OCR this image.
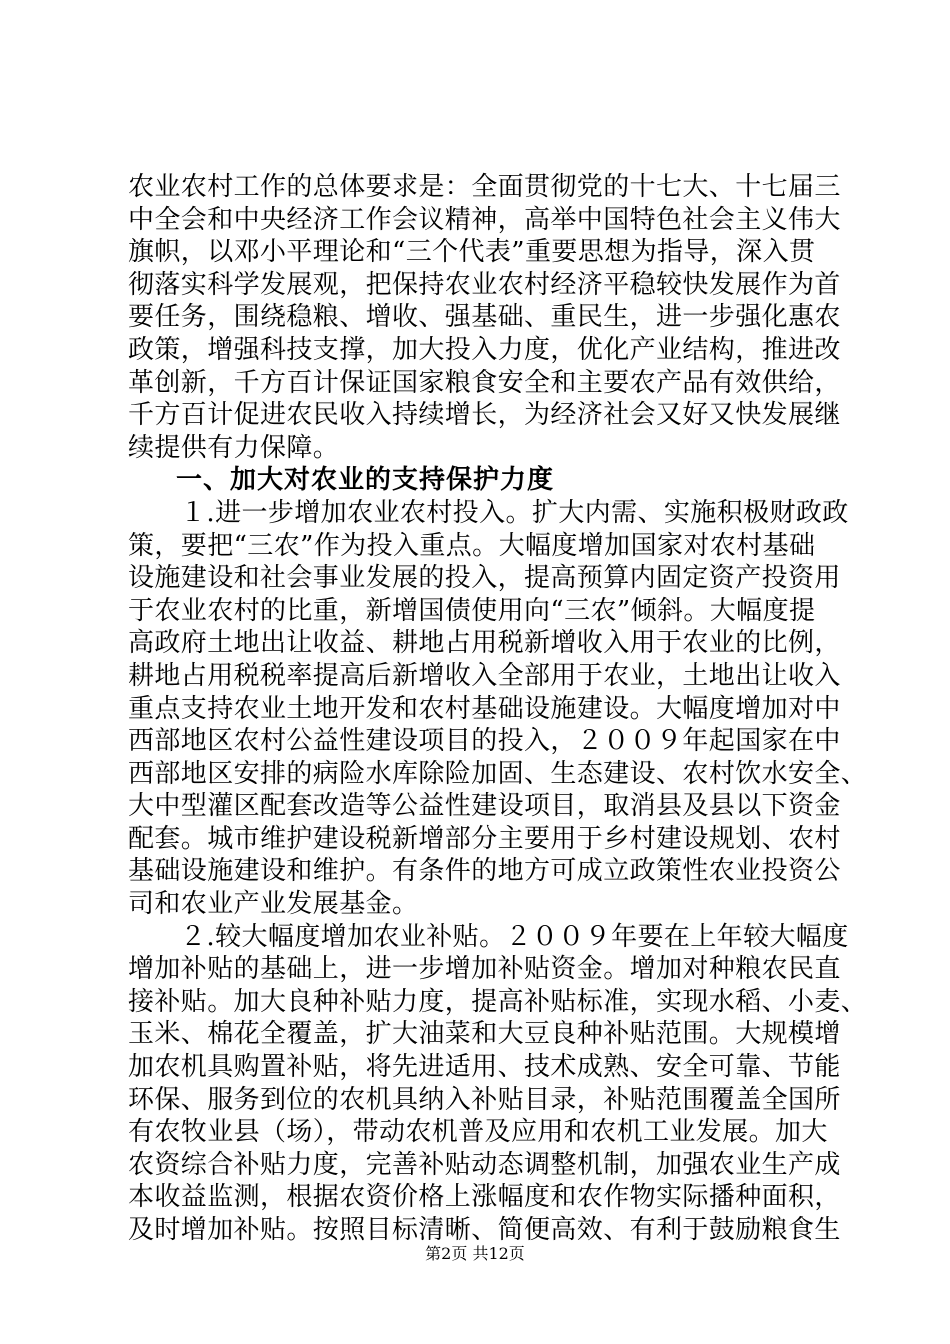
农业农村工作的总体要求是：全面贯彻党的十七大、十七届三
中全会和中央经济工作会议精神，高举中国特色社会主义伟大
旗帜，以邓小平理论和“三个代表”重要思想为指导，深入贯
彻落实科学发展观，把保持农业农村经济平稳较快发展作为首
要任务，围绕稳粮、增收、强基础、重民生，进一步强化惠农
政策，增强科技支撑，加大投入力度，优化产业结构，推进改
革创新，千方百计保证国家粮食安全和主要农产品有效供给，
千方百计促进农民收入持续增长，为经济社会又好又快发展继
续提供有力保障。
一、加大对农业的支持保护力度
１.进一步增加农业农村投入。扩大内需、实施积极财政政
策，要把“三农”作为投入重点。大幅度增加国家对农村基础
设施建设和社会事业发展的投入，提高预算内固定资产投资用
于农业农村的比重，新增国债使用向“三农”倾斜。大幅度提
高政府土地出让收益、耕地占用税新增收入用于农业的比例，
耕地占用税税率提高后新增收入全部用于农业，土地出让收入
重点支持农业土地开发和农村基础设施建设。大幅度增加对中
西部地区农村公益性建设项目的投入，２００９年起国家在中
西部地区安排的病险水库除险加固、生态建设、农村饮水安全、
大中型灌区配套改造等公益性建设项目，取消县及县以下资金
配套。城市维护建设税新增部分主要用于乡村建设规划、农村
基础设施建设和维护。有条件的地方可成立政策性农业投资公
司和农业产业发展基金。
２.较大幅度增加农业补贴。２００９年要在上年较大幅度
增加补贴的基础上，进一步增加补贴资金。增加对种粮农民直
接补贴。加大良种补贴力度，提高补贴标准，实现水稻、小麦、
玉米、棉花全覆盖，扩大油菜和大豆良种补贴范围。大规模增
加农机具购置补贴，将先进适用、技术成熟、安全可靠、节能
环保、服务到位的农机具纳入补贴目录，补贴范围覆盖全国所
有农牧业县（场），带动农机普及应用和农机工业发展。加大
农资综合补贴力度，完善补贴动态调整机制，加强农业生产成
本收益监测，根据农资价格上涨幅度和农作物实际播种面积，
及时增加补贴。按照目标清晰、简便高效、有利于鼓励粮食生
第2页 共12页
